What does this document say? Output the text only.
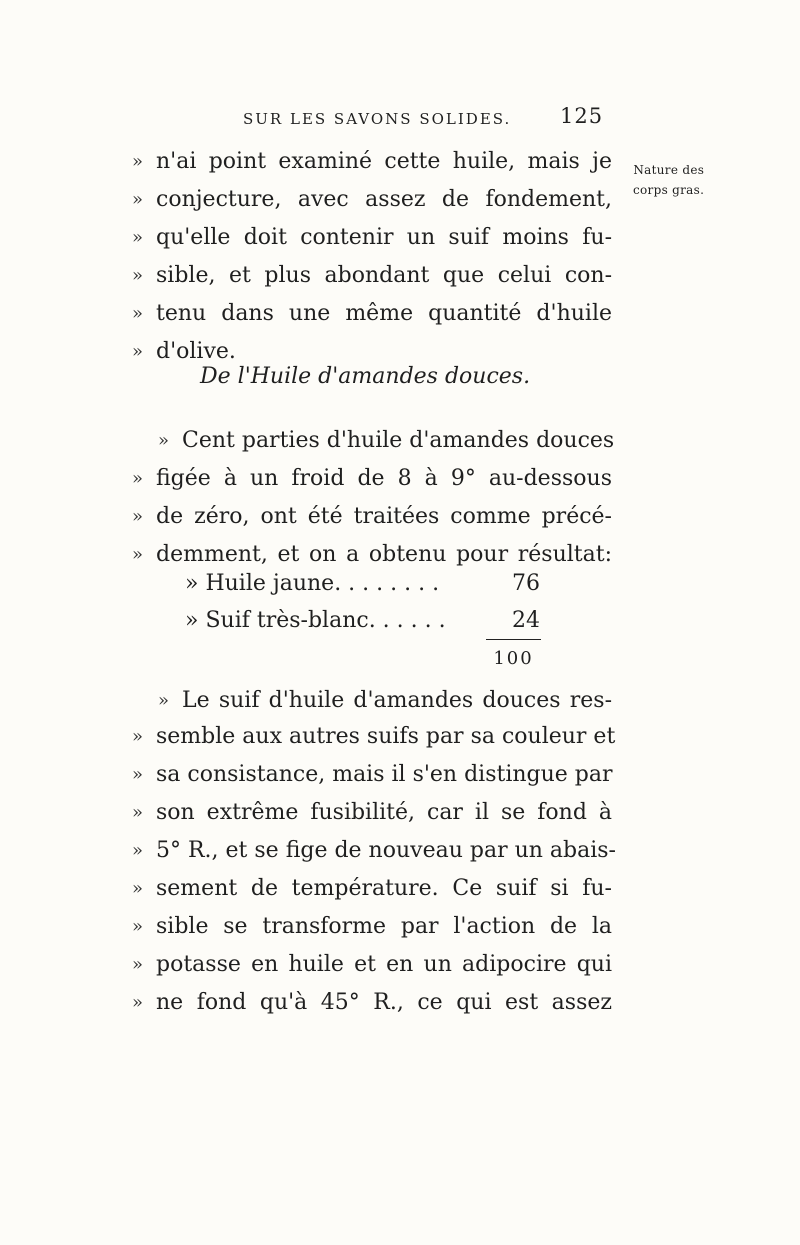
SUR LES SAVONS SOLIDES. 125
Nature des
corps gras.
» n'ai point examiné cette huile, mais je
» conjecture, avec assez de fondement,
» qu'elle doit contenir un suif moins fu-
» sible, et plus abondant que celui con-
» tenu dans une même quantité d'huile
» d'olive.
De l'Huile d'amandes douces.
» Cent parties d'huile d'amandes douces
» figée à un froid de 8 à 9° au-dessous
» de zéro, ont été traitées comme précé-
» demment, et on a obtenu pour résultat:
» Huile jaune. . . . . . . .	76
» Suif très-blanc. . . . . .	24
100
» Le suif d'huile d'amandes douces res-
» semble aux autres suifs par sa couleur et
» sa consistance, mais il s'en distingue par
» son extrême fusibilité, car il se fond à
» 5° R., et se fige de nouveau par un abais-
» sement de température. Ce suif si fu-
» sible se transforme par l'action de la
» potasse en huile et en un adipocire qui
» ne fond qu'à 45° R., ce qui est assez
